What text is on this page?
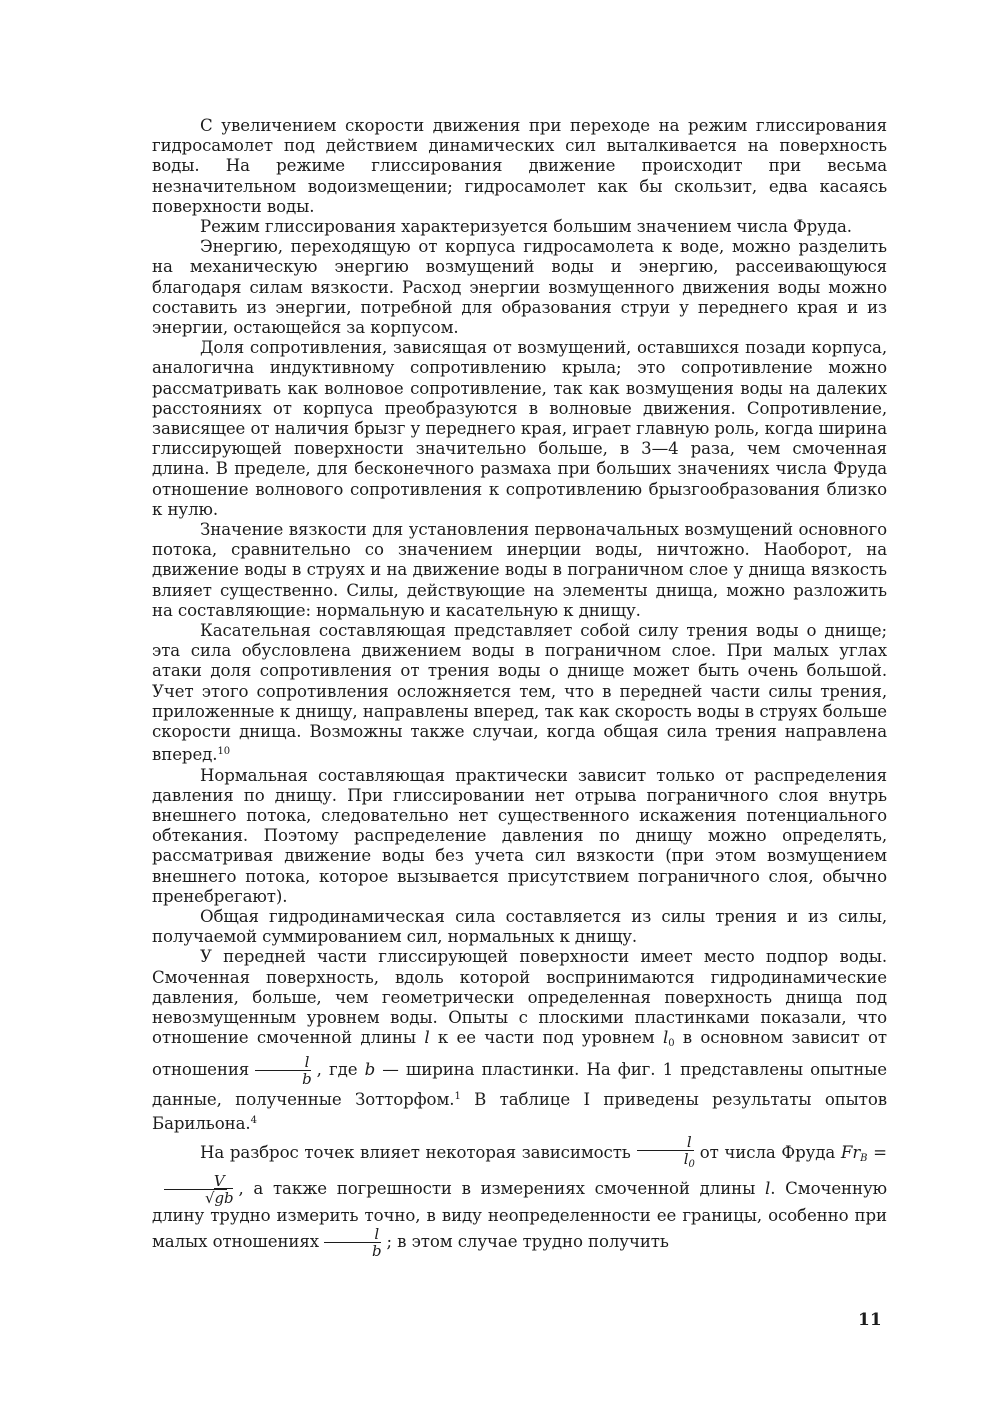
С увеличением скорости движения при переходе на режим глиссирования гидросамолет под действием динамических сил выталкивается на поверхность воды. На режиме глиссирования движение происходит при весьма незначительном водоизмещении; гидросамолет как бы скользит, едва касаясь поверхности воды.

Режим глиссирования характеризуется большим значением числа Фруда.

Энергию, переходящую от корпуса гидросамолета к воде, можно разделить на механическую энергию возмущений воды и энергию, рассеивающуюся благодаря силам вязкости. Расход энергии возмущенного движения воды можно составить из энергии, потребной для образования струи у переднего края и из энергии, остающейся за корпусом.

Доля сопротивления, зависящая от возмущений, оставшихся позади корпуса, аналогична индуктивному сопротивлению крыла; это сопротивление можно рассматривать как волновое сопротивление, так как возмущения воды на далеких расстояниях от корпуса преобразуются в волновые движения. Сопротивление, зависящее от наличия брызг у переднего края, играет главную роль, когда ширина глиссирующей поверхности значительно больше, в 3—4 раза, чем смоченная длина. В пределе, для бесконечного размаха при больших значениях числа Фруда отношение волнового сопротивления к сопротивлению брызгообразования близко к нулю.

Значение вязкости для установления первоначальных возмущений основного потока, сравнительно со значением инерции воды, ничтожно. Наоборот, на движение воды в струях и на движение воды в пограничном слое у днища вязкость влияет существенно. Силы, действующие на элементы днища, можно разложить на составляющие: нормальную и касательную к днищу.

Касательная составляющая представляет собой силу трения воды о днище; эта сила обусловлена движением воды в пограничном слое. При малых углах атаки доля сопротивления от трения воды о днище может быть очень большой. Учет этого сопротивления осложняется тем, что в передней части силы трения, приложенные к днищу, направлены вперед, так как скорость воды в струях больше скорости днища. Возможны также случаи, когда общая сила трения направлена вперед.$^{10}$

Нормальная составляющая практически зависит только от распределения давления по днищу. При глиссировании нет отрыва пограничного слоя внутрь внешнего потока, следовательно нет существенного искажения потенциального обтекания. Поэтому распределение давления по днищу можно определять, рассматривая движение воды без учета сил вязкости (при этом возмущением внешнего потока, которое вызывается присутствием пограничного слоя, обычно пренебрегают).

Общая гидродинамическая сила составляется из силы трения и из силы, получаемой суммированием сил, нормальных к днищу.

У передней части глиссирующей поверхности имеет место подпор воды. Смоченная поверхность, вдоль которой воспринимаются гидродинамические давления, больше, чем геометрически определенная поверхность днища под невозмущенным уровнем воды. Опыты с плоскими пластинками показали, что отношение смоченной длины l к ее части под уровнем $l_0$ в основном зависит от отношения $\frac{l}{b}$ , где b — ширина пластинки. На фиг. 1 представлены опытные данные, полученные Зотторфом.$^1$ В таблице I приведены результаты опытов Барильона.$^4$

На разброс точек влияет некоторая зависимость $\frac{l}{l_0}$ от числа Фруда $Fr_B$ =
$\frac{V}{√gb}$ , а также погрешности в измерениях смоченной длины l. Смоченную длину трудно измерить точно, в виду неопределенности ее границы, особенно при малых отношениях $\frac{l}{b}$ ; в этом случае трудно получить

11
